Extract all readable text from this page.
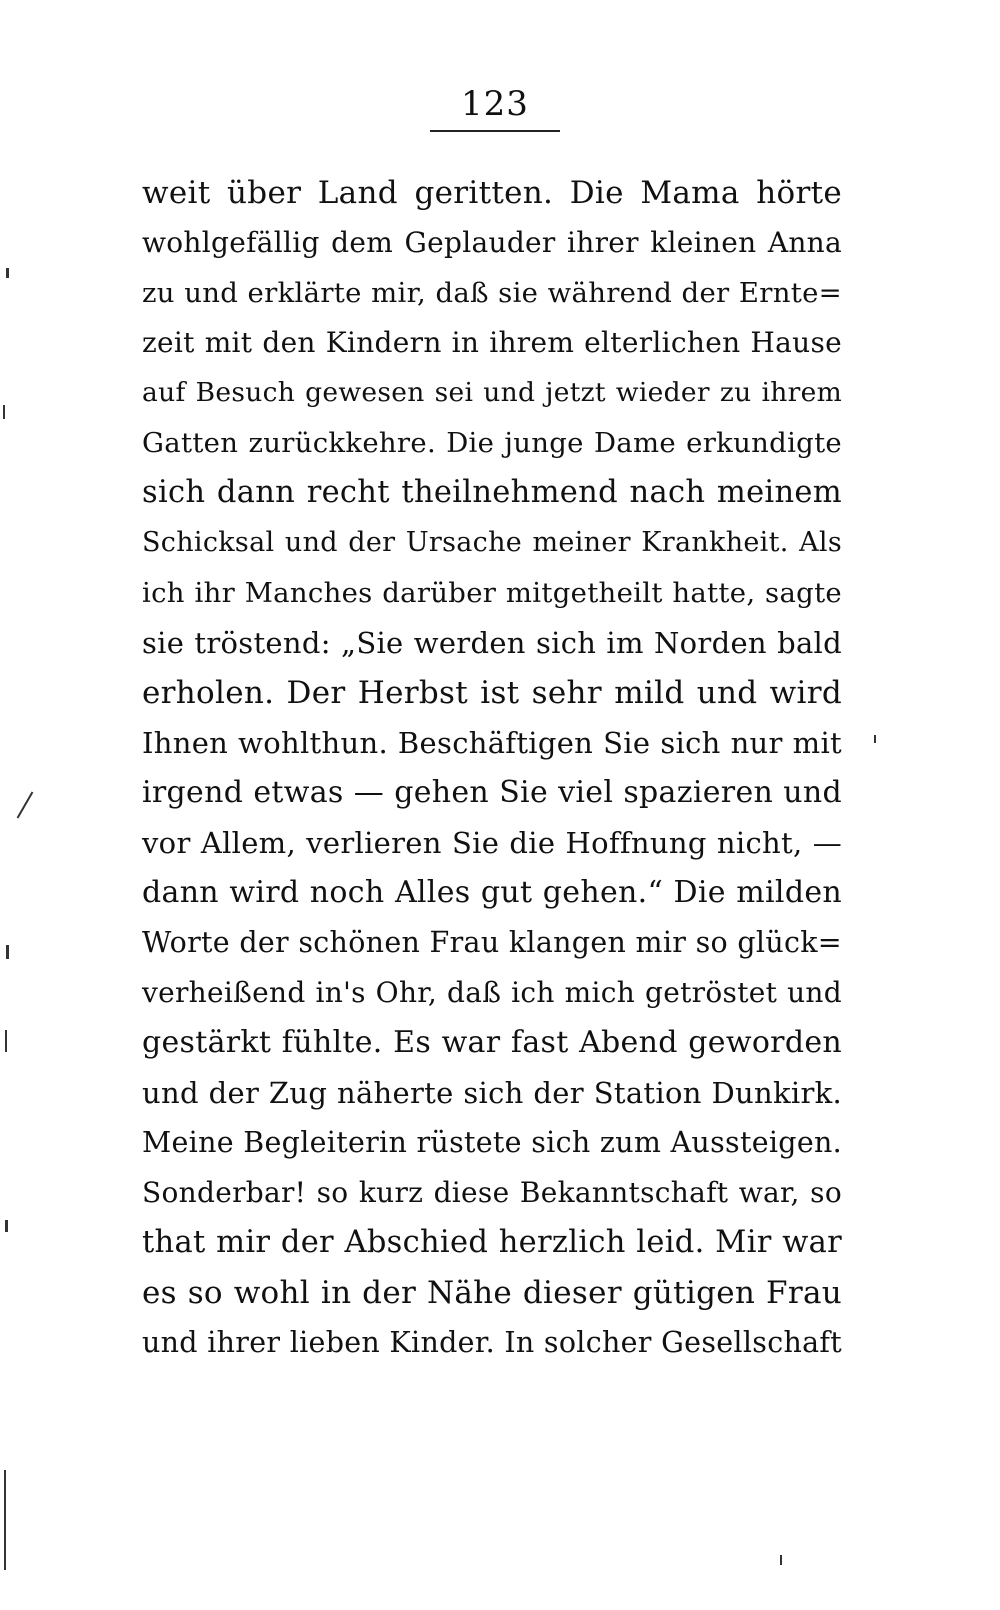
123
weit über Land geritten. Die Mama hörte
wohlgefällig dem Geplauder ihrer kleinen Anna
zu und erklärte mir, daß sie während der Ernte=
zeit mit den Kindern in ihrem elterlichen Hause
auf Besuch gewesen sei und jetzt wieder zu ihrem
Gatten zurückkehre. Die junge Dame erkundigte
sich dann recht theilnehmend nach meinem
Schicksal und der Ursache meiner Krankheit. Als
ich ihr Manches darüber mitgetheilt hatte, sagte
sie tröstend: „Sie werden sich im Norden bald
erholen. Der Herbst ist sehr mild und wird
Ihnen wohlthun. Beschäftigen Sie sich nur mit
irgend etwas — gehen Sie viel spazieren und
vor Allem, verlieren Sie die Hoffnung nicht, —
dann wird noch Alles gut gehen.“ Die milden
Worte der schönen Frau klangen mir so glück=
verheißend in's Ohr, daß ich mich getröstet und
gestärkt fühlte. Es war fast Abend geworden
und der Zug näherte sich der Station Dunkirk.
Meine Begleiterin rüstete sich zum Aussteigen.
Sonderbar! so kurz diese Bekanntschaft war, so
that mir der Abschied herzlich leid. Mir war
es so wohl in der Nähe dieser gütigen Frau
und ihrer lieben Kinder. In solcher Gesellschaft
